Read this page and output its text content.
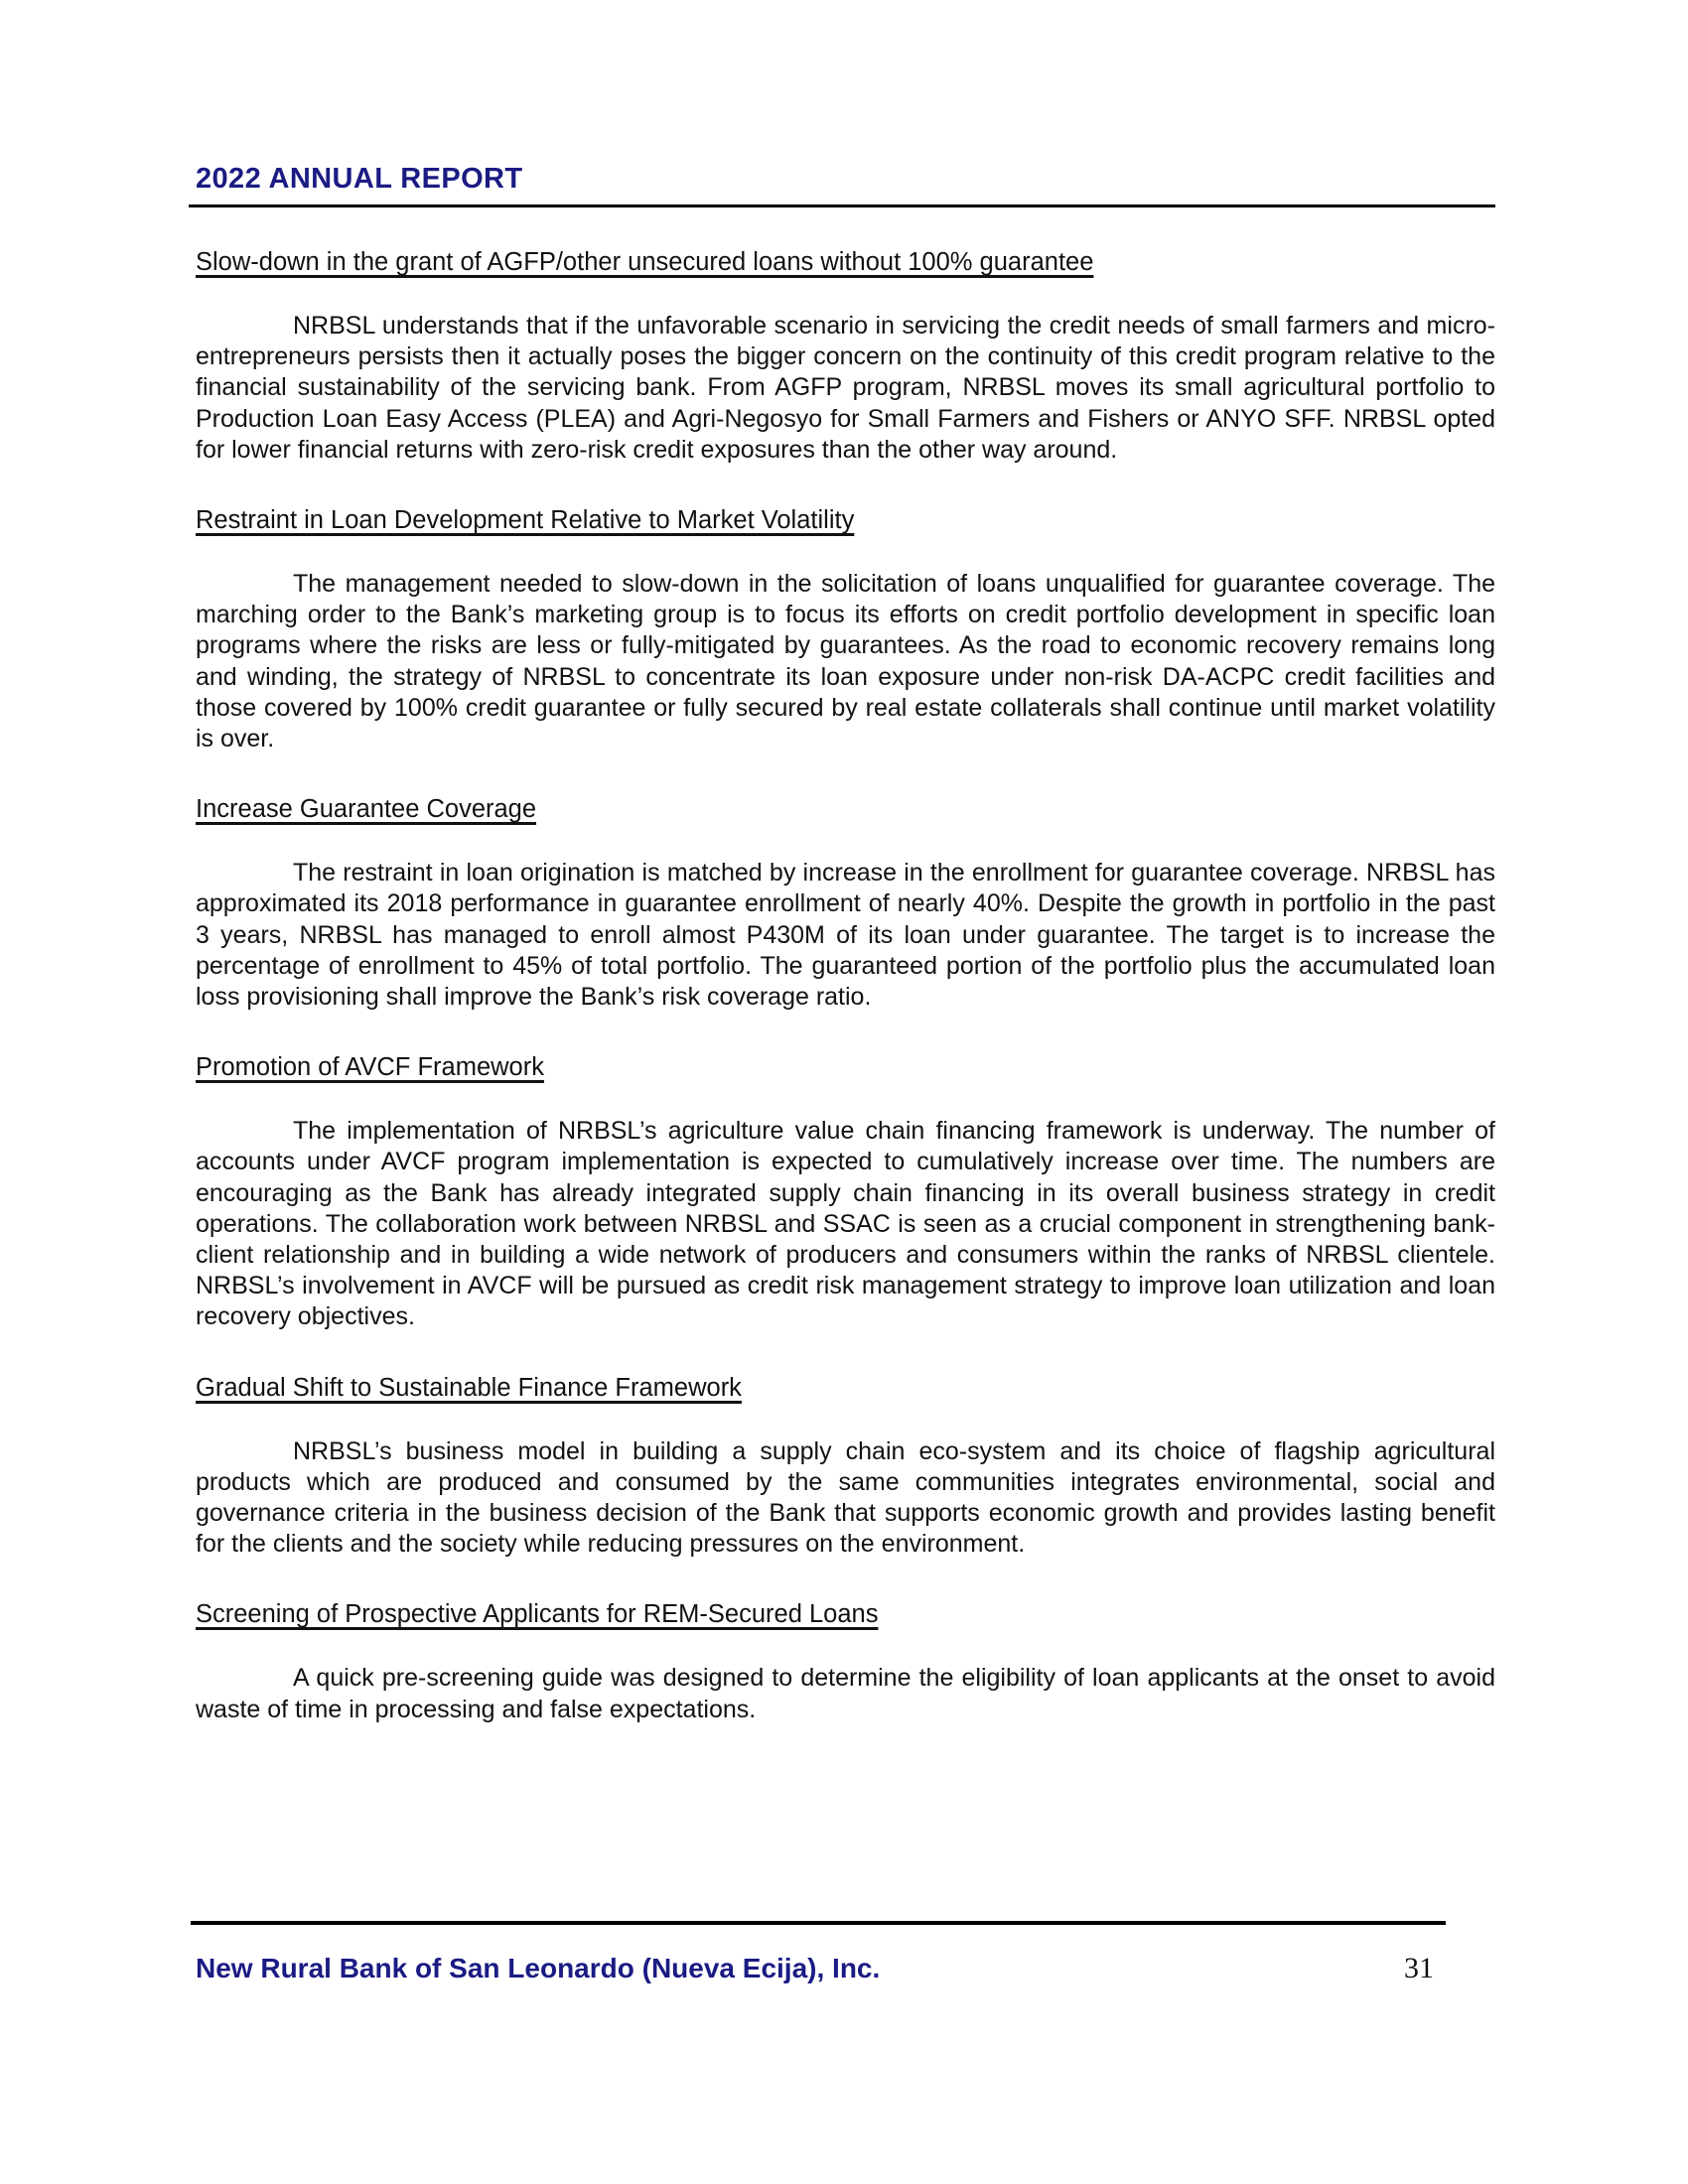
2022 ANNUAL REPORT
Slow-down in the grant of AGFP/other unsecured loans without 100% guarantee

NRBSL understands that if the unfavorable scenario in servicing the credit needs of small farmers and micro-entrepreneurs persists then it actually poses the bigger concern on the continuity of this credit program relative to the financial sustainability of the servicing bank. From AGFP program, NRBSL moves its small agricultural portfolio to Production Loan Easy Access (PLEA) and Agri-Negosyo for Small Farmers and Fishers or ANYO SFF. NRBSL opted for lower financial returns with zero-risk credit exposures than the other way around.

Restraint in Loan Development Relative to Market Volatility

The management needed to slow-down in the solicitation of loans unqualified for guarantee coverage. The marching order to the Bank’s marketing group is to focus its efforts on credit portfolio development in specific loan programs where the risks are less or fully-mitigated by guarantees. As the road to economic recovery remains long and winding, the strategy of NRBSL to concentrate its loan exposure under non-risk DA-ACPC credit facilities and those covered by 100% credit guarantee or fully secured by real estate collaterals shall continue until market volatility is over.

Increase Guarantee Coverage

The restraint in loan origination is matched by increase in the enrollment for guarantee coverage. NRBSL has approximated its 2018 performance in guarantee enrollment of nearly 40%. Despite the growth in portfolio in the past 3 years, NRBSL has managed to enroll almost P430M of its loan under guarantee. The target is to increase the percentage of enrollment to 45% of total portfolio. The guaranteed portion of the portfolio plus the accumulated loan loss provisioning shall improve the Bank’s risk coverage ratio.

Promotion of AVCF Framework

The implementation of NRBSL’s agriculture value chain financing framework is underway. The number of accounts under AVCF program implementation is expected to cumulatively increase over time. The numbers are encouraging as the Bank has already integrated supply chain financing in its overall business strategy in credit operations. The collaboration work between NRBSL and SSAC is seen as a crucial component in strengthening bank-client relationship and in building a wide network of producers and consumers within the ranks of NRBSL clientele. NRBSL’s involvement in AVCF will be pursued as credit risk management strategy to improve loan utilization and loan recovery objectives.

Gradual Shift to Sustainable Finance Framework

NRBSL’s business model in building a supply chain eco-system and its choice of flagship agricultural products which are produced and consumed by the same communities integrates environmental, social and governance criteria in the business decision of the Bank that supports economic growth and provides lasting benefit for the clients and the society while reducing pressures on the environment.

Screening of Prospective Applicants for REM-Secured Loans

A quick pre-screening guide was designed to determine the eligibility of loan applicants at the onset to avoid waste of time in processing and false expectations.

New Rural Bank of San Leonardo (Nueva Ecija), Inc.	31
